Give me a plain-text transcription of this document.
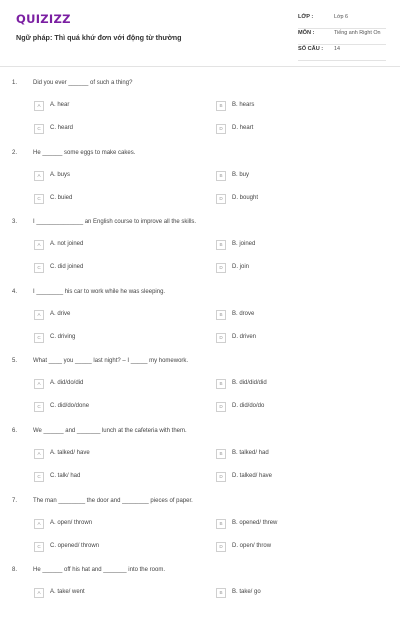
QUIZIZZ
Ngữ pháp: Thì quá khứ đơn với động từ thường
LỚP :	Lớp 6
MÔN :	Tiếng anh Right On
SỐ CÂU : 14
1.	Did you ever ______ of such a thing?
A	A. hear	B	B. hears
C	C. heard	D	D. heart
2.	He ______ some eggs to make cakes.
A	A. buys	B	B. buy
C	C. buied	D	D. bought
3.	I ______________ an English course to improve all the skills.
A	A. not joined	B	B. joined
C	C. did joined	D	D. join
4.	I ________ his car to work while he was sleeping.
A	A. drive	B	B. drove
C	C. driving	D	D. driven
5.	What ____ you _____ last night? – I _____ my homework.
A	A. did/do/did	B	B. did/did/did
C	C. did/do/done	D	D. did/do/do
6.	We ______ and _______ lunch at the cafeteria with them.
A	A. talked/ have	B	B. talked/ had
C	C. talk/ had	D	D. talked/ have
7.	The man ________ the door and ________ pieces of paper.
A	A. open/ thrown	B	B. opened/ threw
C	C. opened/ thrown	D	D. open/ throw
8.	He ______ off his hat and _______ into the room.
A	A. take/ went	B	B. take/ go
